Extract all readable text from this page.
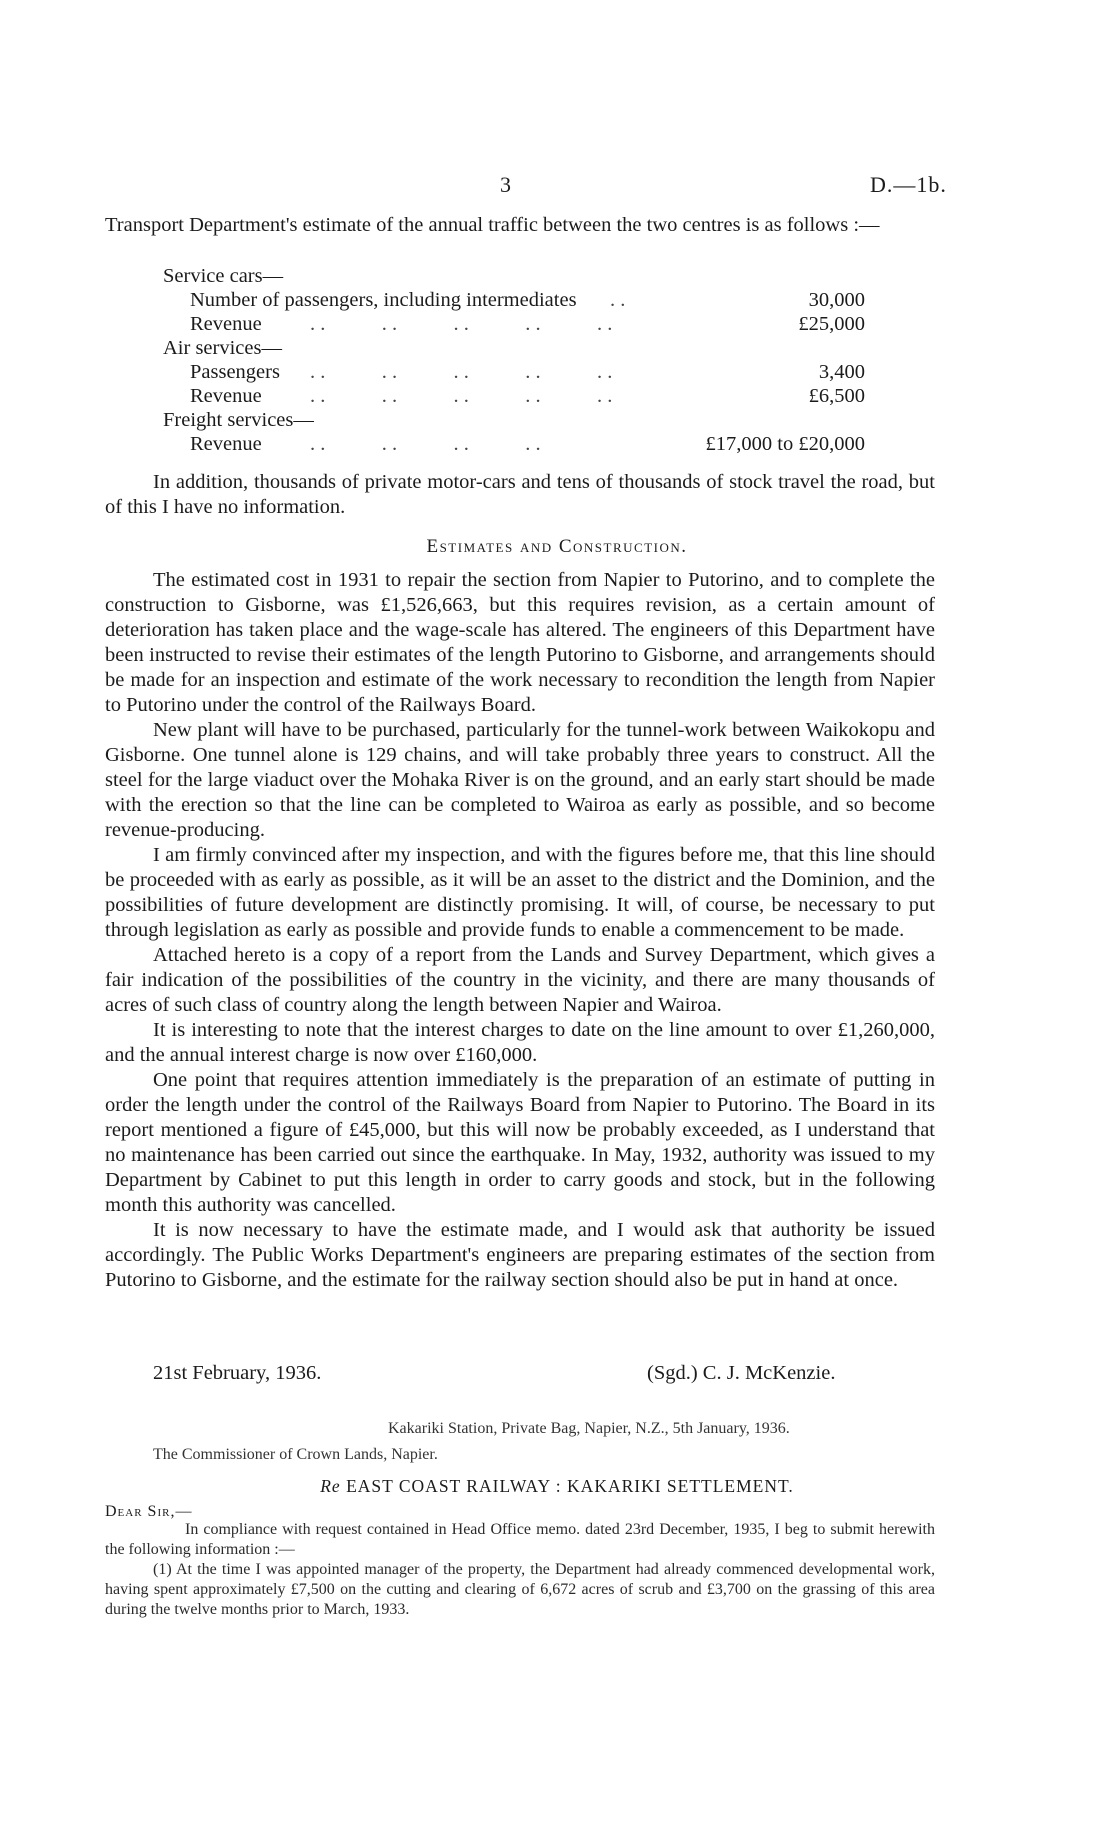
3	D.—1b.

Transport Department's estimate of the annual traffic between the two centres is as follows :—

Service cars—
Number of passengers, including intermediates . .	30,000
Revenue . .           . .           . .           . .           . .	£25,000
Air services—
Passengers . .           . .           . .           . .           . .	3,400
Revenue . .           . .           . .           . .           . .	£6,500
Freight services—
Revenue . .           . .           . .           . .	£17,000 to £20,000

In addition, thousands of private motor-cars and tens of thousands of stock travel the road, but of this I have no information.

Estimates and Construction.

The estimated cost in 1931 to repair the section from Napier to Putorino, and to complete the construction to Gisborne, was £1,526,663, but this requires revision, as a certain amount of deterioration has taken place and the wage-scale has altered. The engineers of this Department have been instructed to revise their estimates of the length Putorino to Gisborne, and arrangements should be made for an inspection and estimate of the work necessary to recondition the length from Napier to Putorino under the control of the Railways Board.

New plant will have to be purchased, particularly for the tunnel-work between Waikokopu and Gisborne. One tunnel alone is 129 chains, and will take probably three years to construct. All the steel for the large viaduct over the Mohaka River is on the ground, and an early start should be made with the erection so that the line can be completed to Wairoa as early as possible, and so become revenue-producing.

I am firmly convinced after my inspection, and with the figures before me, that this line should be proceeded with as early as possible, as it will be an asset to the district and the Dominion, and the possibilities of future development are distinctly promising. It will, of course, be necessary to put through legislation as early as possible and provide funds to enable a commencement to be made.

Attached hereto is a copy of a report from the Lands and Survey Department, which gives a fair indication of the possibilities of the country in the vicinity, and there are many thousands of acres of such class of country along the length between Napier and Wairoa.

It is interesting to note that the interest charges to date on the line amount to over £1,260,000, and the annual interest charge is now over £160,000.

One point that requires attention immediately is the preparation of an estimate of putting in order the length under the control of the Railways Board from Napier to Putorino. The Board in its report mentioned a figure of £45,000, but this will now be probably exceeded, as I understand that no maintenance has been carried out since the earthquake. In May, 1932, authority was issued to my Department by Cabinet to put this length in order to carry goods and stock, but in the following month this authority was cancelled.

It is now necessary to have the estimate made, and I would ask that authority be issued accordingly. The Public Works Department's engineers are preparing estimates of the section from Putorino to Gisborne, and the estimate for the railway section should also be put in hand at once.

21st February, 1936.	(Sgd.) C. J. McKenzie.
Kakariki Station, Private Bag, Napier, N.Z., 5th January, 1936.
The Commissioner of Crown Lands, Napier.
Re EAST COAST RAILWAY : KAKARIKI SETTLEMENT.
Dear Sir,—

In compliance with request contained in Head Office memo. dated 23rd December, 1935, I beg to submit herewith the following information :—

(1) At the time I was appointed manager of the property, the Department had already commenced developmental work, having spent approximately £7,500 on the cutting and clearing of 6,672 acres of scrub and £3,700 on the grassing of this area during the twelve months prior to March, 1933.
